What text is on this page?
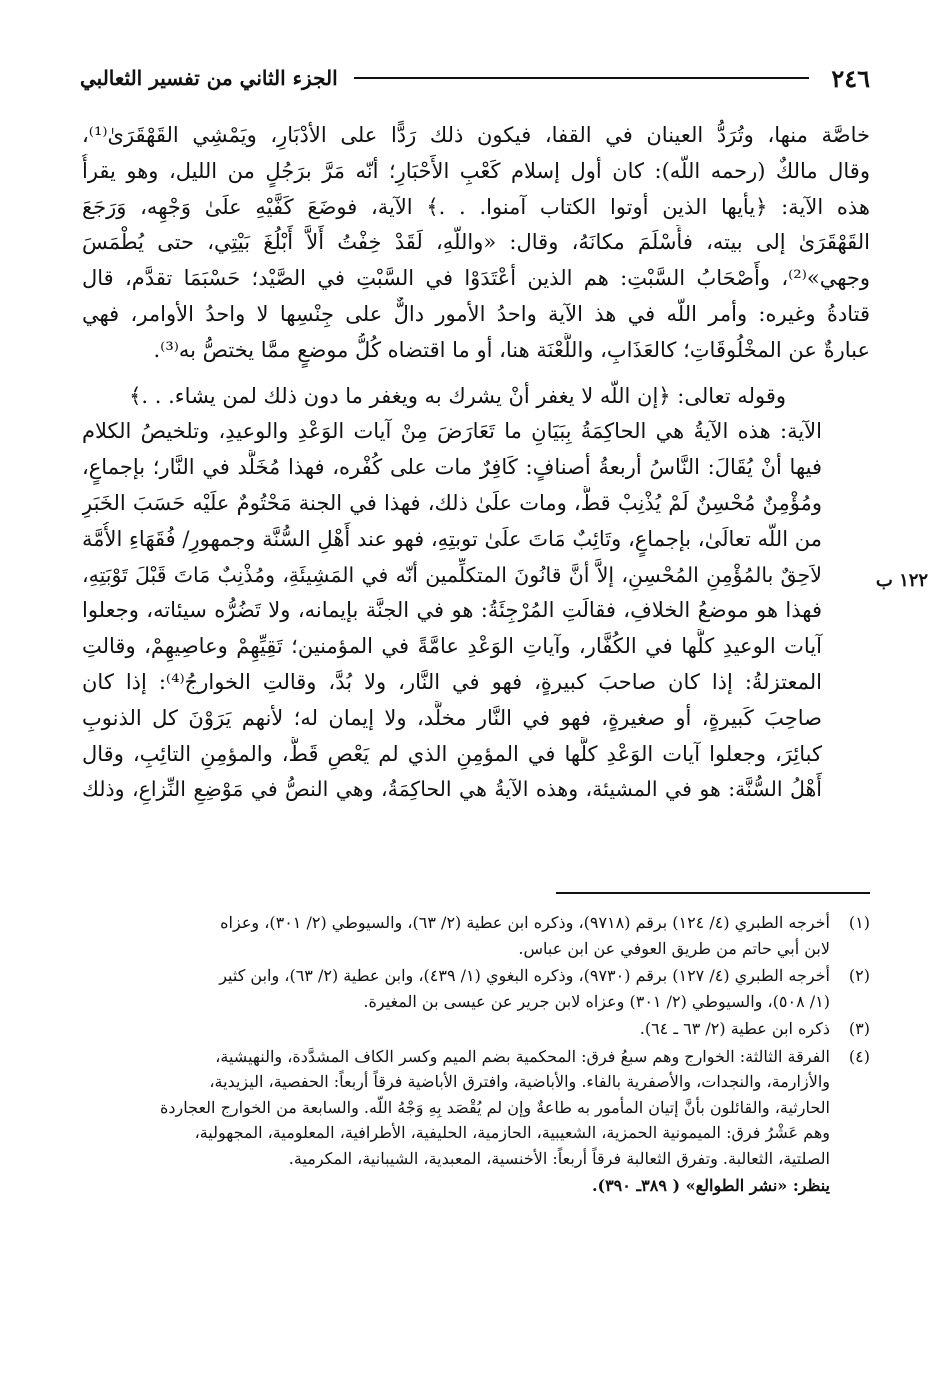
٢٤٦
الجزء الثاني من تفسير الثعالبي
١٢٢ ب

خاصَّة منها، وتُرَدُّ العينان في القفا، فيكون ذلك رَدًّا على الأدْبَارِ، ويَمْشِي القَهْقَرَىٰ⁽¹⁾،
وقال مالكٌ (رحمه اللّه): كان أول إسلام كَعْبِ الأَحْبَارِ؛ أنّه مَرَّ برَجُلٍ من الليل، وهو يقرأُ
هذه الآية: ﴿يأيها الذين أوتوا الكتاب آمنوا. . .﴾ الآية، فوضَعَ كَفَّيْهِ علَىٰ وَجْهِه، وَرَجَعَ
القَهْقَرَىٰ إلى بيته، فأَسْلَمَ مكانَهُ، وقال: «واللّهِ، لَقَدْ خِفْتُ أَلاَّ أَبْلُغَ بَيْتِي، حتى يُطْمَسَ
وجهي»⁽²⁾، وأَصْحَابُ السَّبْتِ: هم الذين أعْتَدَوْا في السَّبْتِ في الصَّيْد؛ حَسْبَمَا تقدَّم، قال
قتادةُ وغيره: وأمر اللّه في هذ الآية واحدُ الأمور دالٌّ على جِنْسِها لا واحدُ الأوامر، فهي
عبارةٌ عن المخْلُوقَاتِ؛ كالعَذَابِ، واللَّعْنَة هنا، أو ما اقتضاه كُلُّ موضعٍ ممَّا يختصُّ به⁽³⁾.

وقوله تعالى: ﴿إن اللّه لا يغفر أنْ يشرك به ويغفر ما دون ذلك لمن يشاء. . .﴾
الآية: هذه الآيةُ هي الحاكِمَةُ بِبَيَانِ ما تَعَارَضَ مِنْ آيات الوَعْدِ والوعيدِ، وتلخيصُ الكلام
فيها أنْ يُقَالَ: النَّاسُ أربعةُ أصنافٍ: كَافِرٌ مات على كُفْره، فهذا مُخَلَّد في النَّار؛ بإجماعٍ،
ومُؤْمِنٌ مُحْسِنٌ لَمْ يُذْنِبْ قطُّ، ومات علَىٰ ذلك، فهذا في الجنة مَحْتُومٌ علَيْه حَسَبَ الخَبَرِ
من اللّه تعالَىٰ، بإجماعٍ، وتَائِبٌ مَاتَ علَىٰ توبتِهِ، فهو عند أَهْلِ السُّنَّة وجمهورِ/ فُقَهَاءِ الأُمَّة
لاَحِقٌ بالمُؤْمِنِ المُحْسِنِ، إلاَّ أنَّ قانُونَ المتكلِّمين أنّه في المَشِيئَةِ، ومُذْنِبٌ مَاتَ قَبْلَ تَوْبَتِهِ،
فهذا هو موضعُ الخلافِ، فقالَتِ المُرْجِئَةُ: هو في الجنَّة بإيمانه، ولا تَضُرُّه سيئاته، وجعلوا
آيات الوعيدِ كلَّها في الكُفَّار، وآياتِ الوَعْدِ عامَّةً في المؤمنين؛ تَقِيِّهِمْ وعاصِيهِمْ، وقالتِ
المعتزلةُ: إذا كان صاحبَ كبيرةٍ، فهو في النَّار، ولا بُدَّ، وقالتِ الخوارجُ⁽⁴⁾: إذا كان
صاحِبَ كَبيرةٍ، أو صغيرةٍ، فهو في النَّار مخلَّد، ولا إيمان له؛ لأنهم يَرَوْنَ كل الذنوبِ
كبائِرَ، وجعلوا آيات الوَعْدِ كلَّها في المؤمِنِ الذي لم يَعْصِ قَطُّ، والمؤمِنِ التائِبِ، وقال
أَهْلُ السُّنَّة: هو في المشيئة، وهذه الآيةُ هي الحاكِمَةُ، وهي النصُّ في مَوْضِعِ النِّزاعِ، وذلك

(١)
أخرجه الطبري (٤/ ١٢٤) برقم (٩٧١٨)، وذكره ابن عطية (٢/ ٦٣)، والسيوطي (٢/ ٣٠١)، وعزاه
لابن أبي حاتم من طريق العوفي عن ابن عباس.
(٢)
أخرجه الطبري (٤/ ١٢٧) برقم (٩٧٣٠)، وذكره البغوي (١/ ٤٣٩)، وابن عطية (٢/ ٦٣)، وابن كثير
(١/ ٥٠٨)، والسيوطي (٢/ ٣٠١) وعزاه لابن جرير عن عيسى بن المغيرة.
(٣)
ذكره ابن عطية (٢/ ٦٣ ـ ٦٤).
(٤)
الفرقة الثالثة: الخوارج وهم سبعُ فرق: المحكمية بضم الميم وكسر الكاف المشدَّدة، والنهيشية،
والأزارمة، والنجدات، والأصفرية بالفاء. والأباضية، وافترق الأباضية فرقاً أربعاً: الحفصية، اليزيدية،
الحارثية، والقائلون بأنَّ إتيان المأمور به طاعةٌ وإن لم يُقْصَد بِهِ وَجْهُ اللّه. والسابعة من الخوارج العجاردة
وهم عَشْرُ فرق: الميمونية الحمزية، الشعيبية، الحازمية، الحليفية، الأطرافية، المعلومية، المجهولية،
الصلتية، الثعالبة. وتفرق الثعالبة فرقاً أربعاً: الأخنسية، المعبدية، الشيبانية، المكرمية.
ينظر: «نشر الطوالع» ( ٣٨٩ـ ٣٩٠).
